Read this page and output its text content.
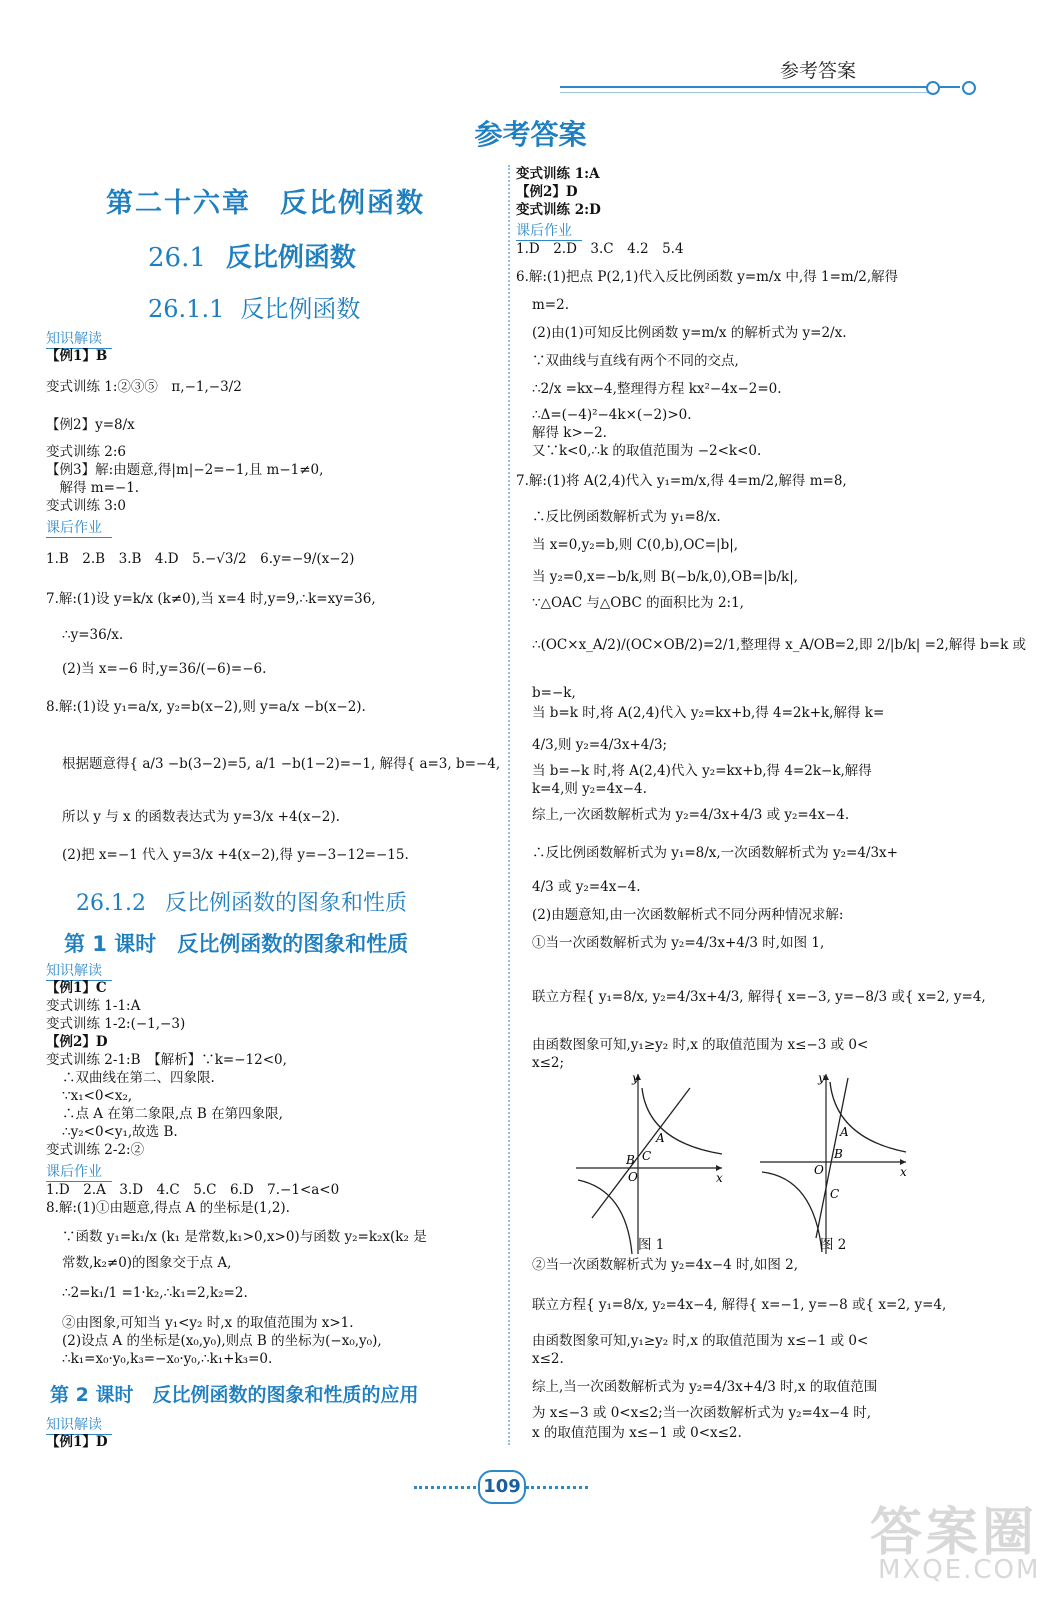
参考答案
参考答案
第二十六章　反比例函数
26.1 反比例函数
26.1.1 反比例函数
知识解读
【例1】B
变式训练 1:②③⑤　π,−1,−3/2
【例2】y=8/x
变式训练 2:6
【例3】解:由题意,得|m|−2=−1,且 m−1≠0,
　解得 m=−1.
变式训练 3:0
课后作业
1.B　2.B　3.B　4.D　5.−√3/2　6.y=−9/(x−2)
7.解:(1)设 y=k/x (k≠0),当 x=4 时,y=9,∴k=xy=36,
∴y=36/x.
(2)当 x=−6 时,y=36/(−6)=−6.
8.解:(1)设 y₁=a/x, y₂=b(x−2),则 y=a/x −b(x−2).
根据题意得{ a/3 −b(3−2)=5, a/1 −b(1−2)=−1, 解得{ a=3, b=−4,
所以 y 与 x 的函数表达式为 y=3/x +4(x−2).
(2)把 x=−1 代入 y=3/x +4(x−2),得 y=−3−12=−15.
26.1.2 反比例函数的图象和性质
第 1 课时　反比例函数的图象和性质
知识解读
【例1】C
变式训练 1-1:A
变式训练 1-2:(−1,−3)
【例2】D
变式训练 2-1:B　【解析】∵k=−12<0,
∴双曲线在第二、四象限.
∵x₁<0<x₂,
∴点 A 在第二象限,点 B 在第四象限,
∴y₂<0<y₁,故选 B.
变式训练 2-2:②
课后作业
1.D　2.A　3.D　4.C　5.C　6.D　7.−1<a<0
8.解:(1)①由题意,得点 A 的坐标是(1,2).
∵函数 y₁=k₁/x (k₁ 是常数,k₁>0,x>0)与函数 y₂=k₂x(k₂ 是
常数,k₂≠0)的图象交于点 A,
∴2=k₁/1 =1·k₂,∴k₁=2,k₂=2.
②由图象,可知当 y₁<y₂ 时,x 的取值范围为 x>1.
(2)设点 A 的坐标是(x₀,y₀),则点 B 的坐标为(−x₀,y₀),
∴k₁=x₀·y₀,k₃=−x₀·y₀,∴k₁+k₃=0.
第 2 课时　反比例函数的图象和性质的应用
知识解读
【例1】D
变式训练 1:A
【例2】D
变式训练 2:D
课后作业
1.D　2.D　3.C　4.2　5.4
6.解:(1)把点 P(2,1)代入反比例函数 y=m/x 中,得 1=m/2,解得
m=2.
(2)由(1)可知反比例函数 y=m/x 的解析式为 y=2/x.
∵双曲线与直线有两个不同的交点,
∴2/x =kx−4,整理得方程 kx²−4x−2=0.
∴Δ=(−4)²−4k×(−2)>0.
解得 k>−2.
又∵k<0,∴k 的取值范围为 −2<k<0.
7.解:(1)将 A(2,4)代入 y₁=m/x,得 4=m/2,解得 m=8,
∴反比例函数解析式为 y₁=8/x.
当 x=0,y₂=b,则 C(0,b),OC=|b|,
当 y₂=0,x=−b/k,则 B(−b/k,0),OB=|b/k|,
∵△OAC 与△OBC 的面积比为 2:1,
∴(OC×x_A/2)/(OC×OB/2)=2/1,整理得 x_A/OB=2,即 2/|b/k| =2,解得 b=k 或
b=−k,
当 b=k 时,将 A(2,4)代入 y₂=kx+b,得 4=2k+k,解得 k=
4/3,则 y₂=4/3x+4/3;
当 b=−k 时,将 A(2,4)代入 y₂=kx+b,得 4=2k−k,解得
k=4,则 y₂=4x−4.
综上,一次函数解析式为 y₂=4/3x+4/3 或 y₂=4x−4.
∴反比例函数解析式为 y₁=8/x,一次函数解析式为 y₂=4/3x+
4/3 或 y₂=4x−4.
(2)由题意知,由一次函数解析式不同分两种情况求解:
①当一次函数解析式为 y₂=4/3x+4/3 时,如图 1,
联立方程{ y₁=8/x, y₂=4/3x+4/3, 解得{ x=−3, y=−8/3 或{ x=2, y=4,
由函数图象可知,y₁≥y₂ 时,x 的取值范围为 x≤−3 或 0<
x≤2;
y
x
O
A
B C
图 1
y
x
O
A
B
C
图 2
②当一次函数解析式为 y₂=4x−4 时,如图 2,
联立方程{ y₁=8/x, y₂=4x−4, 解得{ x=−1, y=−8 或{ x=2, y=4,
由函数图象可知,y₁≥y₂ 时,x 的取值范围为 x≤−1 或 0<
x≤2.
综上,当一次函数解析式为 y₂=4/3x+4/3 时,x 的取值范围
为 x≤−3 或 0<x≤2;当一次函数解析式为 y₂=4x−4 时,
x 的取值范围为 x≤−1 或 0<x≤2.
109
答案圈
MXQE.COM
